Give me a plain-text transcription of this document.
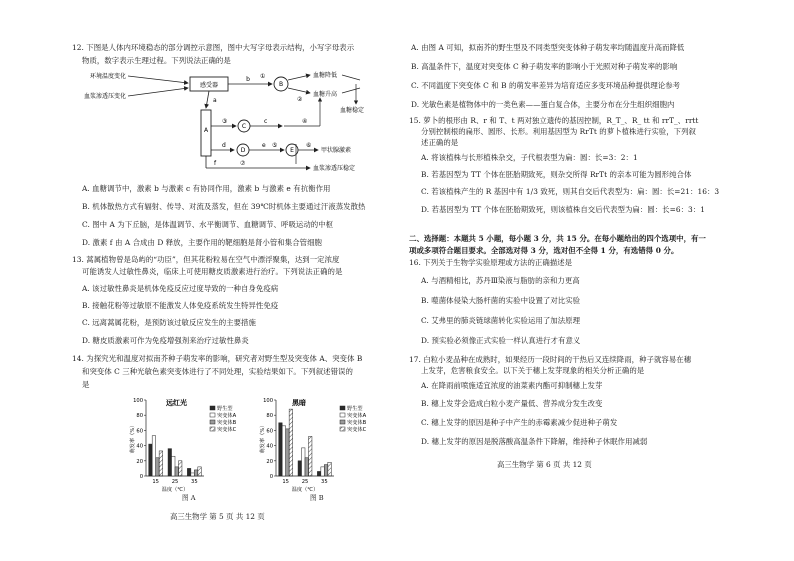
12. 下图是人体内环境稳态的部分调控示意图，图中大写字母表示结构，小写字母表示
物质，数字表示生理过程。下列说法正确的是
环境温度变化
血浆渗透压变化
感受器
b
B
血糖降低
血糖升高
血糖稳定
①
②
A
a
C
③	c	④
d
D
e ⑤
E	甲状腺激素
⑥
f	⑦
血浆渗透压稳定
A. 血糖调节中，激素 b 与激素 c 有协同作用，激素 b 与激素 e 有抗衡作用
B. 机体散热方式有辐射、传导、对流及蒸发，但在 39℃时机体主要通过汗液蒸发散热
C. 图中 A 为下丘脑，是体温调节、水平衡调节、血糖调节、呼吸运动的中枢
D. 激素 f 由 A 合成由 D 释放，主要作用的靶细胞是肾小管和集合管细胞
13. 蒿属植物曾是岛屿的“功臣”，但其花粉粒易在空气中漂浮聚集，达到一定浓度
可能诱发人过敏性鼻炎，临床上可使用糖皮质激素进行治疗。下列说法正确的是
A. 该过敏性鼻炎是机体免疫反应过度导致的一种自身免疫病
B. 接触花粉等过敏原不能激发人体免疫系统发生特异性免疫
C. 远离蒿属花粉，是预防该过敏反应发生的主要措施
D. 糖皮质激素可作为免疫增强剂来治疗过敏性鼻炎
14. 为探究光和温度对拟南芥种子萌发率的影响，研究者对野生型及突变体 A、突变体 B
和突变体 C 三种光敏色素突变体进行了不同处理，实验结果如下。下列叙述错误的
是
远红光
0
20
40
60
80
100
萌发率（%）
15 25 35
温度（℃）
野生型
突变体A
突变体B
突变体C
图 A
黑暗
0
20
40
60
80
100
萌发率（%）
15 25 35
温度（℃）
野生型
突变体A
突变体B
突变体C
图 B
高三生物学 第 5 页 共 12 页
A. 由图 A 可知，拟南芥的野生型及不同类型突变体种子萌发率均随温度升高而降低
B. 高温条件下，温度对突变体 C 种子萌发率的影响小于光照对种子萌发率的影响
C. 不同温度下突变体 C 和 B 的萌发率差异为培育适应多变环境品种提供理论参考
D. 光敏色素是植物体中的一类色素——蛋白复合体，主要分布在分生组织细胞内
15. 萝卜的根形由 R、r 和 T、t 两对独立遗传的基因控制，R_T_、R_ tt 和 rrT_、rrtt
分别控制根的扁形、圆形、长形。利用基因型为 RrTt 的萝卜植株进行实验，下列叙
述正确的是
A. 将该植株与长形植株杂交，子代根表型为扁：圆：长=3：2：1
B. 若基因型为 TT 个体在胚胎期致死，则杂交所得 RrTt 的亲本可能为圆形纯合体
C. 若该植株产生的 R 基因中有 1/3 致死，则其自交后代表型为：扁：圆：长=21：16：3
D. 若基因型为 TT 个体在胚胎期致死，则该植株自交后代表型为扁：圆：长=6：3：1
二、选择题：本题共 5 小题，每小题 3 分，共 15 分。在每小题给出的四个选项中，有一
项或多项符合题目要求。全部选对得 3 分，选对但不全得 1 分，有选错得 0 分。
16. 下列关于生物学实验原理或方法的正确描述是
A. 与酒精相比，苏丹Ⅲ染液与脂肪的亲和力更高
B. 噬菌体侵染大肠杆菌的实验中设置了对比实验
C. 艾弗里的肺炎链球菌转化实验运用了加法原理
D. 预实验必须像正式实验一样认真进行才有意义
17. 白粒小麦品种在成熟时，如果经历一段时间的干热后又连续降雨，种子就容易在穗
上发芽，危害粮食安全。以下关于穗上发芽现象的相关分析正确的是
A. 在降雨前喷施适宜浓度的油菜素内酯可抑制穗上发芽
B. 穗上发芽会造成白粒小麦产量低、营养成分发生改变
C. 穗上发芽的原因是种子中产生的赤霉素减少促进种子萌发
D. 穗上发芽的原因是脱落酸高温条件下降解，维持种子休眠作用减弱
高三生物学 第 6 页 共 12 页
